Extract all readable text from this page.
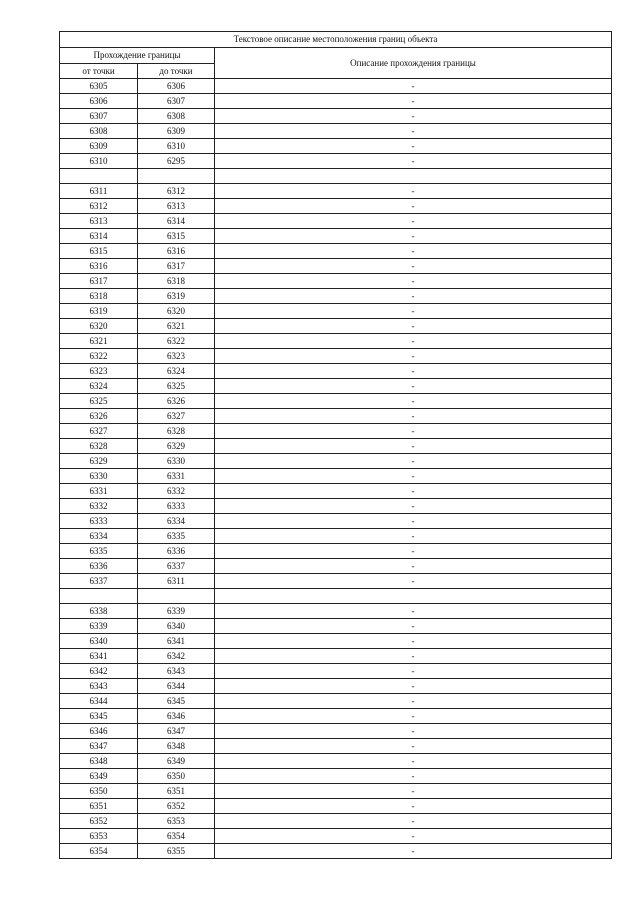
Текстовое описание местоположения границ объекта		
Прохождение границы		Описание прохождения границы
от точки	до точки	
6305	6306	-
6306	6307	-
6307	6308	-
6308	6309	-
6309	6310	-
6310	6295	-

6311	6312	-
6312	6313	-
6313	6314	-
6314	6315	-
6315	6316	-
6316	6317	-
6317	6318	-
6318	6319	-
6319	6320	-
6320	6321	-
6321	6322	-
6322	6323	-
6323	6324	-
6324	6325	-
6325	6326	-
6326	6327	-
6327	6328	-
6328	6329	-
6329	6330	-
6330	6331	-
6331	6332	-
6332	6333	-
6333	6334	-
6334	6335	-
6335	6336	-
6336	6337	-
6337	6311	-

6338	6339	-
6339	6340	-
6340	6341	-
6341	6342	-
6342	6343	-
6343	6344	-
6344	6345	-
6345	6346	-
6346	6347	-
6347	6348	-
6348	6349	-
6349	6350	-
6350	6351	-
6351	6352	-
6352	6353	-
6353	6354	-
6354	6355	-
